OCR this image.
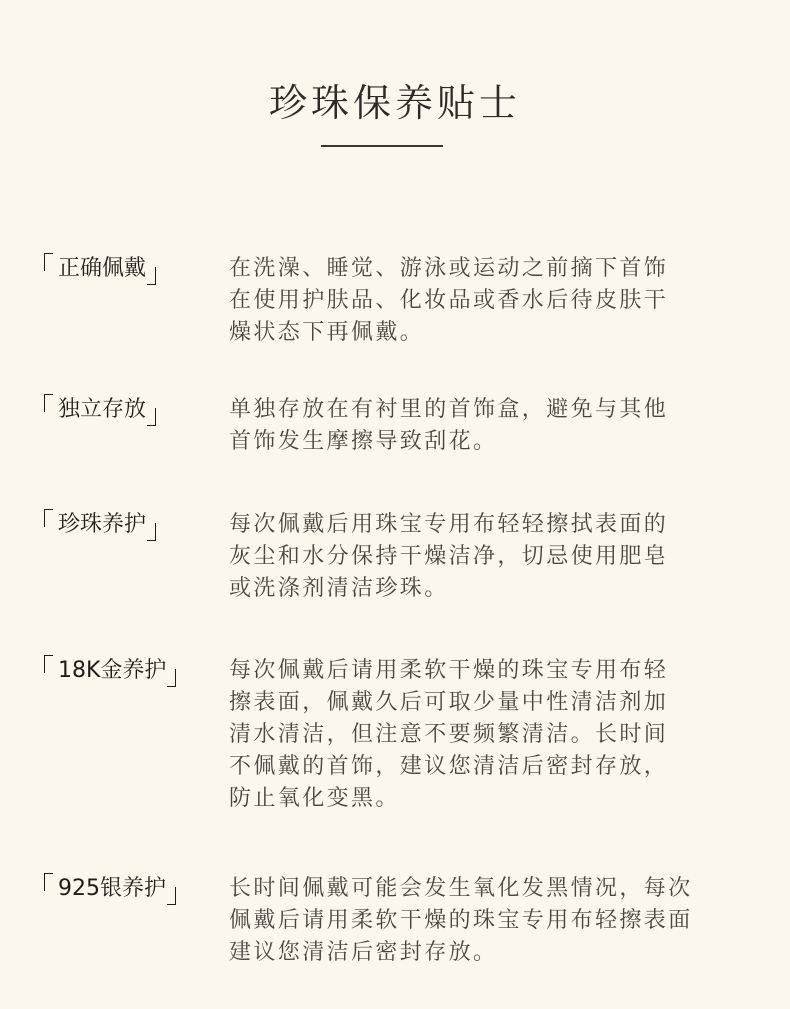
珍珠保养贴士
正确佩戴	在洗澡、睡觉、游泳或运动之前摘下首饰
在使用护肤品、化妆品或香水后待皮肤干
燥状态下再佩戴。
独立存放	单独存放在有衬里的首饰盒，避免与其他
首饰发生摩擦导致刮花。
珍珠养护	每次佩戴后用珠宝专用布轻轻擦拭表面的
灰尘和水分保持干燥洁净，切忌使用肥皂
或洗涤剂清洁珍珠。
18K金养护	每次佩戴后请用柔软干燥的珠宝专用布轻
擦表面，佩戴久后可取少量中性清洁剂加
清水清洁，但注意不要频繁清洁。长时间
不佩戴的首饰，建议您清洁后密封存放，
防止氧化变黑。
925银养护	长时间佩戴可能会发生氧化发黑情况，每次
佩戴后请用柔软干燥的珠宝专用布轻擦表面
建议您清洁后密封存放。
